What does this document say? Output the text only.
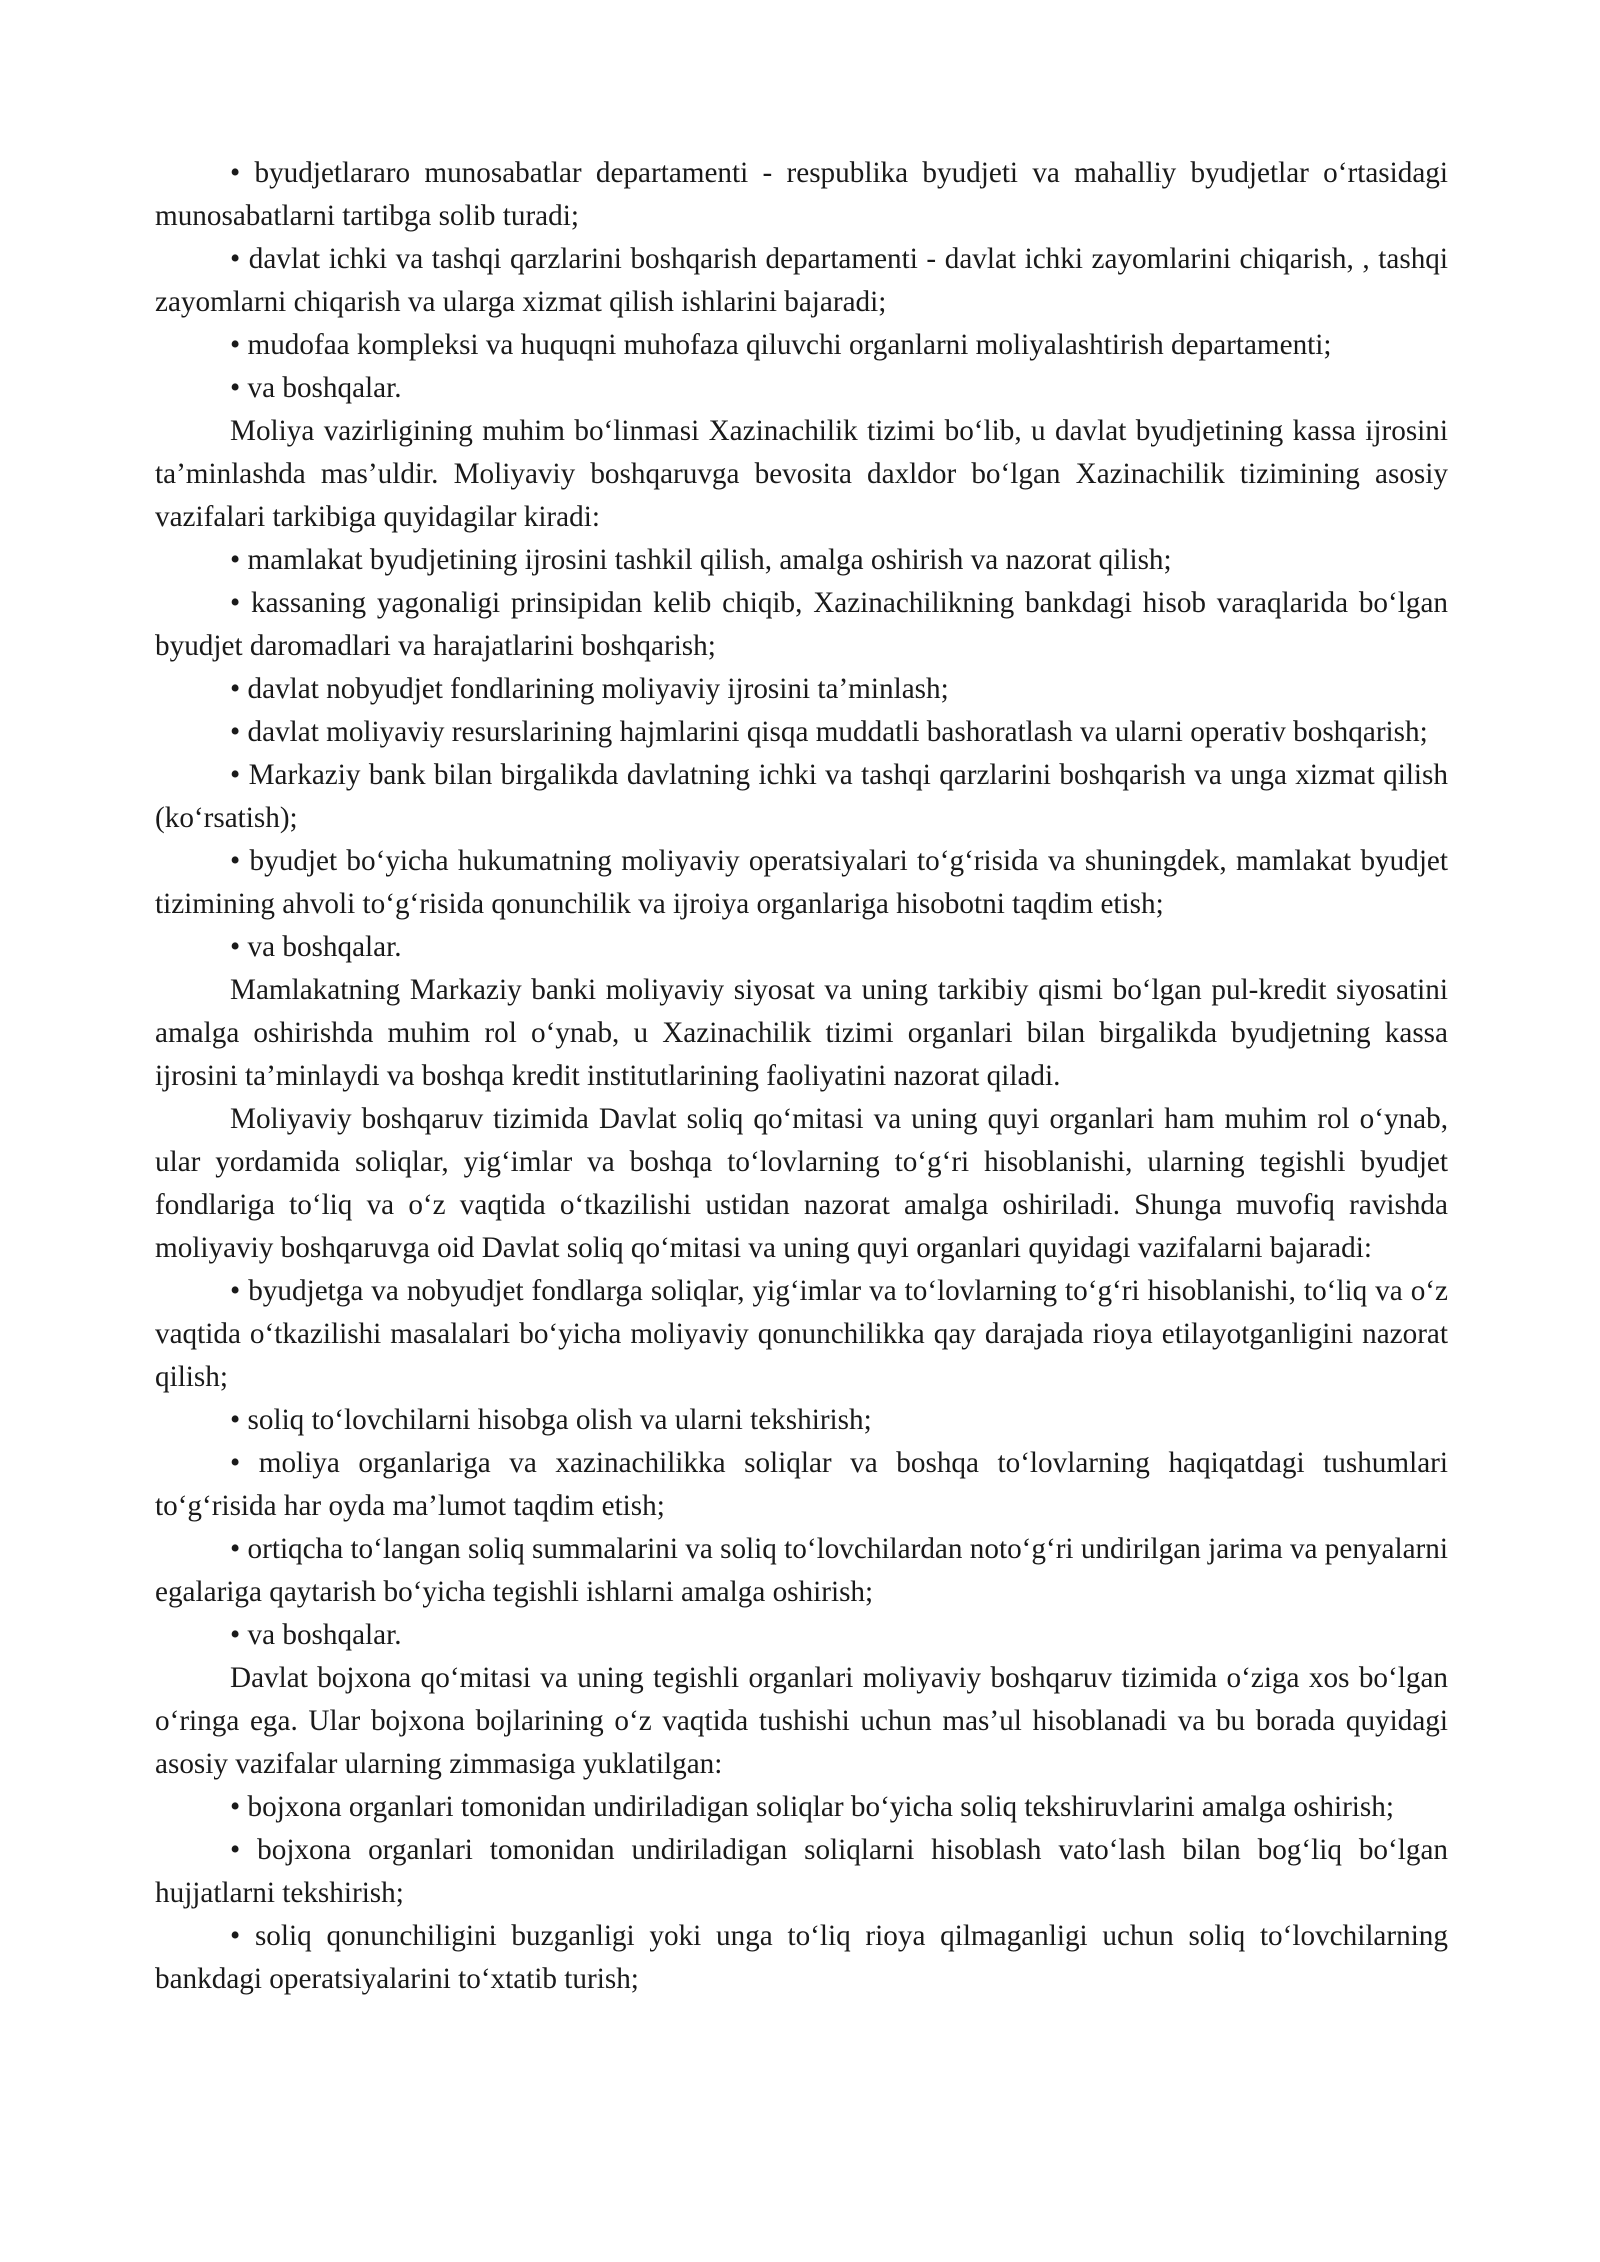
• byudjetlararo munosabatlar departamenti - respublika byudjeti va mahalliy byudjetlar o‘rtasidagi munosabatlarni tartibga solib turadi;

• davlat ichki va tashqi qarzlarini boshqarish departamenti - davlat ichki zayomlarini chiqarish, , tashqi zayomlarni chiqarish va ularga xizmat qilish ishlarini bajaradi;

• mudofaa kompleksi va huquqni muhofaza qiluvchi organlarni moliyalashtirish departamenti;

• va boshqalar.

Moliya vazirligining muhim bo‘linmasi Xazinachilik tizimi bo‘lib, u davlat byudjetining kassa ijrosini ta’minlashda mas’uldir. Moliyaviy boshqaruvga bevosita daxldor bo‘lgan Xazinachilik tizimining asosiy vazifalari tarkibiga quyidagilar kiradi:

• mamlakat byudjetining ijrosini tashkil qilish, amalga oshirish va nazorat qilish;

• kassaning yagonaligi prinsipidan kelib chiqib, Xazinachilikning bankdagi hisob varaqlarida bo‘lgan byudjet daromadlari va harajatlarini boshqarish;

• davlat nobyudjet fondlarining moliyaviy ijrosini ta’minlash;

• davlat moliyaviy resurslarining hajmlarini qisqa muddatli bashoratlash va ularni operativ boshqarish;

• Markaziy bank bilan birgalikda davlatning ichki va tashqi qarzlarini boshqarish va unga xizmat qilish (ko‘rsatish);

• byudjet bo‘yicha hukumatning moliyaviy operatsiyalari to‘g‘risida va shuningdek, mamlakat byudjet tizimining ahvoli to‘g‘risida qonunchilik va ijroiya organlariga hisobotni taqdim etish;

• va boshqalar.

Mamlakatning Markaziy banki moliyaviy siyosat va uning tarkibiy qismi bo‘lgan pul-kredit siyosatini amalga oshirishda muhim rol o‘ynab, u Xazinachilik tizimi organlari bilan birgalikda byudjetning kassa ijrosini ta’minlaydi va boshqa kredit institutlarining faoliyatini nazorat qiladi.

Moliyaviy boshqaruv tizimida Davlat soliq qo‘mitasi va uning quyi organlari ham muhim rol o‘ynab, ular yordamida soliqlar, yig‘imlar va boshqa to‘lovlarning to‘g‘ri hisoblanishi, ularning tegishli byudjet fondlariga to‘liq va o‘z vaqtida o‘tkazilishi ustidan nazorat amalga oshiriladi. Shunga muvofiq ravishda moliyaviy boshqaruvga oid Davlat soliq qo‘mitasi va uning quyi organlari quyidagi vazifalarni bajaradi:

• byudjetga va nobyudjet fondlarga soliqlar, yig‘imlar va to‘lovlarning to‘g‘ri hisoblanishi, to‘liq va o‘z vaqtida o‘tkazilishi masalalari bo‘yicha moliyaviy qonunchilikka qay darajada rioya etilayotganligini nazorat qilish;

• soliq to‘lovchilarni hisobga olish va ularni tekshirish;

• moliya organlariga va xazinachilikka soliqlar va boshqa to‘lovlarning haqiqatdagi tushumlari to‘g‘risida har oyda ma’lumot taqdim etish;

• ortiqcha to‘langan soliq summalarini va soliq to‘lovchilardan noto‘g‘ri undirilgan jarima va penyalarni egalariga qaytarish bo‘yicha tegishli ishlarni amalga oshirish;

• va boshqalar.

Davlat bojxona qo‘mitasi va uning tegishli organlari moliyaviy boshqaruv tizimida o‘ziga xos bo‘lgan o‘ringa ega. Ular bojxona bojlarining o‘z vaqtida tushishi uchun mas’ul hisoblanadi va bu borada quyidagi asosiy vazifalar ularning zimmasiga yuklatilgan:

• bojxona organlari tomonidan undiriladigan soliqlar bo‘yicha soliq tekshiruvlarini amalga oshirish;

• bojxona organlari tomonidan undiriladigan soliqlarni hisoblash vato‘lash bilan bog‘liq bo‘lgan hujjatlarni tekshirish;

• soliq qonunchiligini buzganligi yoki unga to‘liq rioya qilmaganligi uchun soliq to‘lovchilarning bankdagi operatsiyalarini to‘xtatib turish;
